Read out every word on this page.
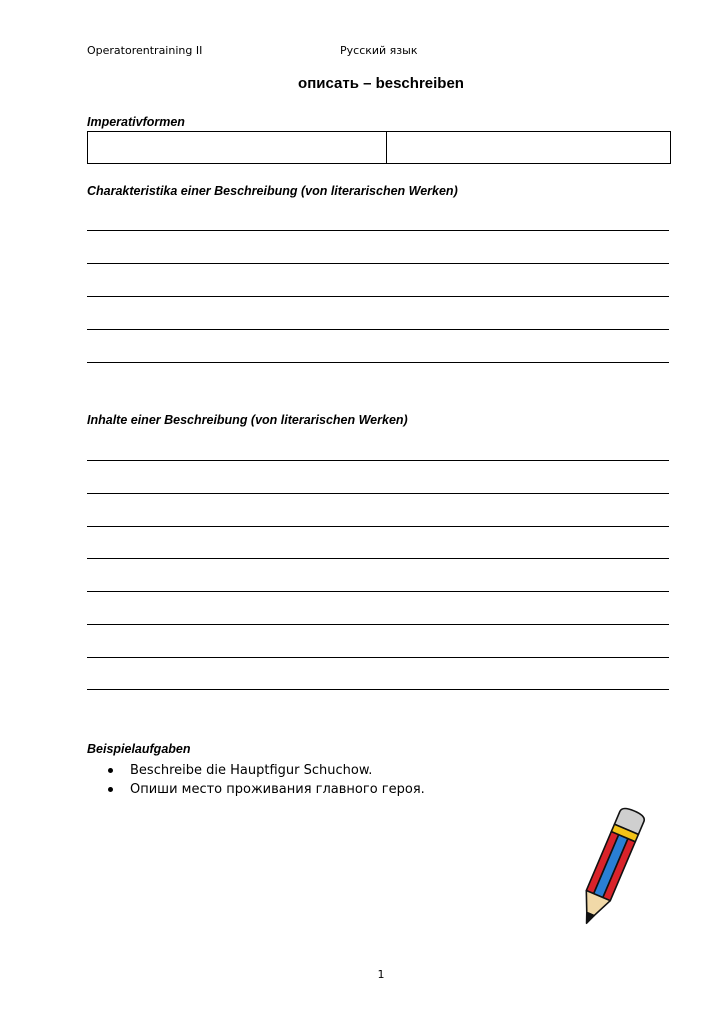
Operatorentraining II	Русский язык
описать – beschreiben
Imperativformen
Charakteristika einer Beschreibung (von literarischen Werken)
Inhalte einer Beschreibung (von literarischen Werken)
Beispielaufgaben
Beschreibe die Hauptfigur Schuchow.
Опиши место проживания главного героя.
1
